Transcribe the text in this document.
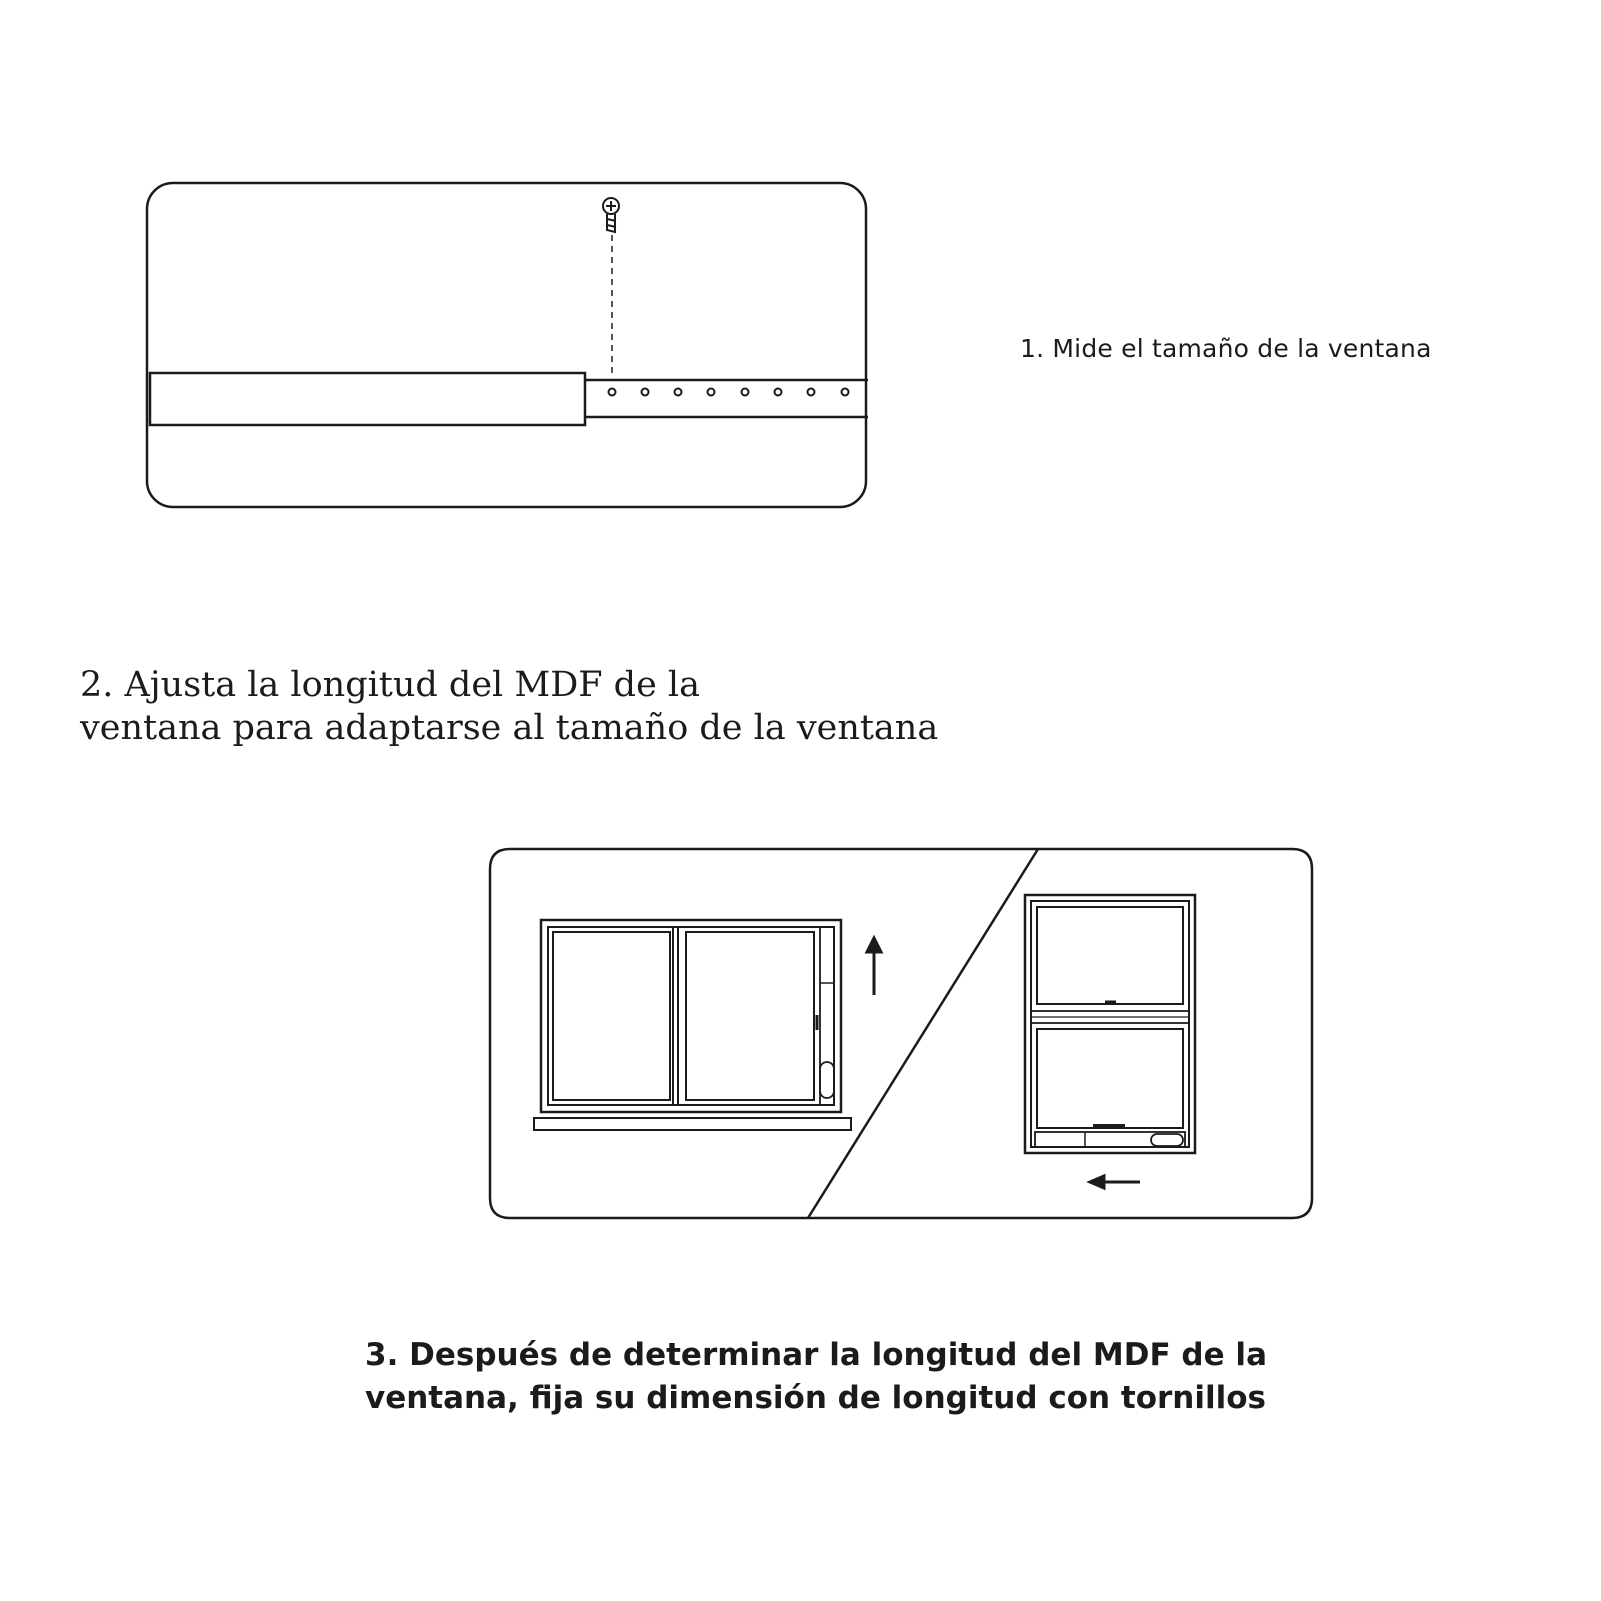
1. Mide el tamaño de la ventana
2. Ajusta la longitud del MDF de la
ventana para adaptarse al tamaño de la ventana
3. Después de determinar la longitud del MDF de la
ventana, fija su dimensión de longitud con tornillos
